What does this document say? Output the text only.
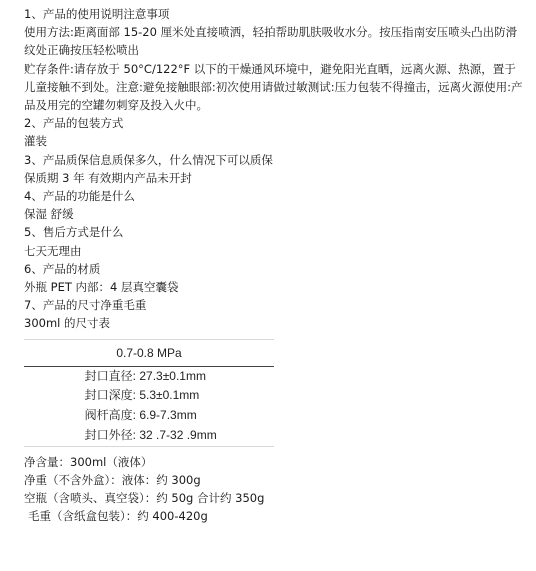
1、产品的使用说明注意事项
使用方法:距离面部 15-20 厘米处直接喷洒，轻拍帮助肌肤吸收水分。按压指南安压喷头凸出防滑纹处正确按压轻松喷出
贮存条件:请存放于 50°C/122°F 以下的干燥通风环境中，避免阳光直晒，远离火源、热源，置于儿童接触不到处。注意:避免接触眼部:初次使用请做过敏测试:压力包装不得撞击，远离火源使用:产品及用完的空罐勿刺穿及投入火中。
2、产品的包装方式
灌装
3、产品质保信息质保多久，什么情况下可以质保
保质期 3 年 有效期内产品未开封
4、产品的功能是什么
保湿 舒缓
5、售后方式是什么
七天无理由
6、产品的材质
外瓶 PET 内部：4 层真空囊袋
7、产品的尺寸净重毛重
300ml 的尺寸表
0.7-0.8 MPa
封口直径: 27.3±0.1mm
封口深度: 5.3±0.1mm
阀杆高度: 6.9-7.3mm
封口外径: 32 .7-32 .9mm
净含量：300ml（液体）
净重（不含外盒）：液体：约 300g
空瓶（含喷头、真空袋）：约 50g 合计约 350g
毛重（含纸盒包装）：约 400-420g
